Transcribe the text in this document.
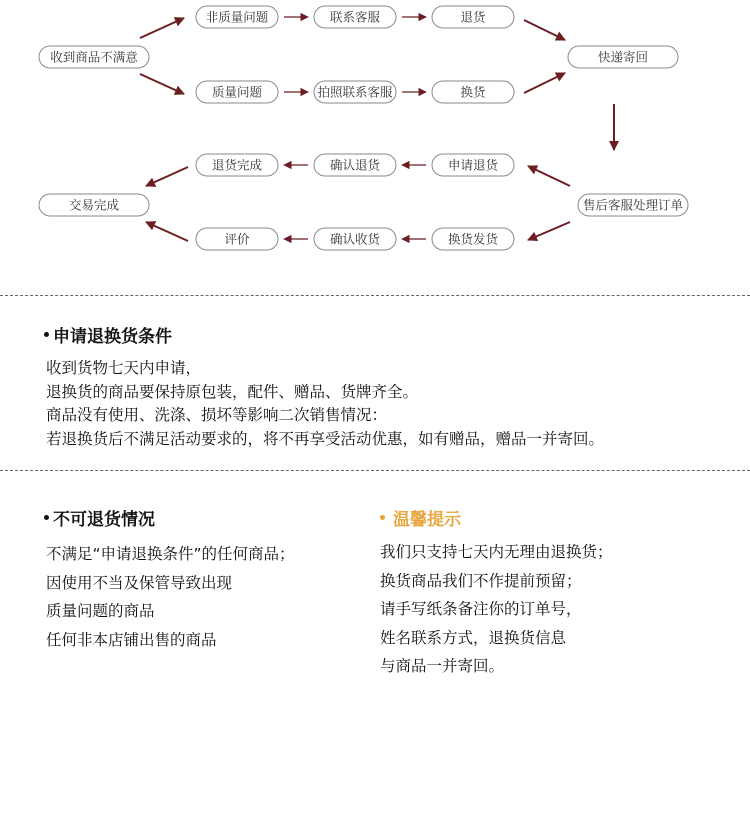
非质量问题	联系客服	退货
收到商品不满意	快递寄回
质量问题	拍照联系客服	换货
退货完成	确认退货	申请退货
交易完成	售后客服处理订单
评价	确认收货	换货发货
申请退换货条件
收到货物七天内申请，
退换货的商品要保持原包装，配件、赠品、货牌齐全。
商品没有使用、洗涤、损坏等影响二次销售情况：
若退换货后不满足活动要求的，将不再享受活动优惠，如有赠品，赠品一并寄回。
不可退货情况
不满足“申请退换条件”的任何商品；
因使用不当及保管导致出现
质量问题的商品
任何非本店铺出售的商品
温馨提示
我们只支持七天内无理由退换货；
换货商品我们不作提前预留；
请手写纸条备注你的订单号，
姓名联系方式，退换货信息
与商品一并寄回。
